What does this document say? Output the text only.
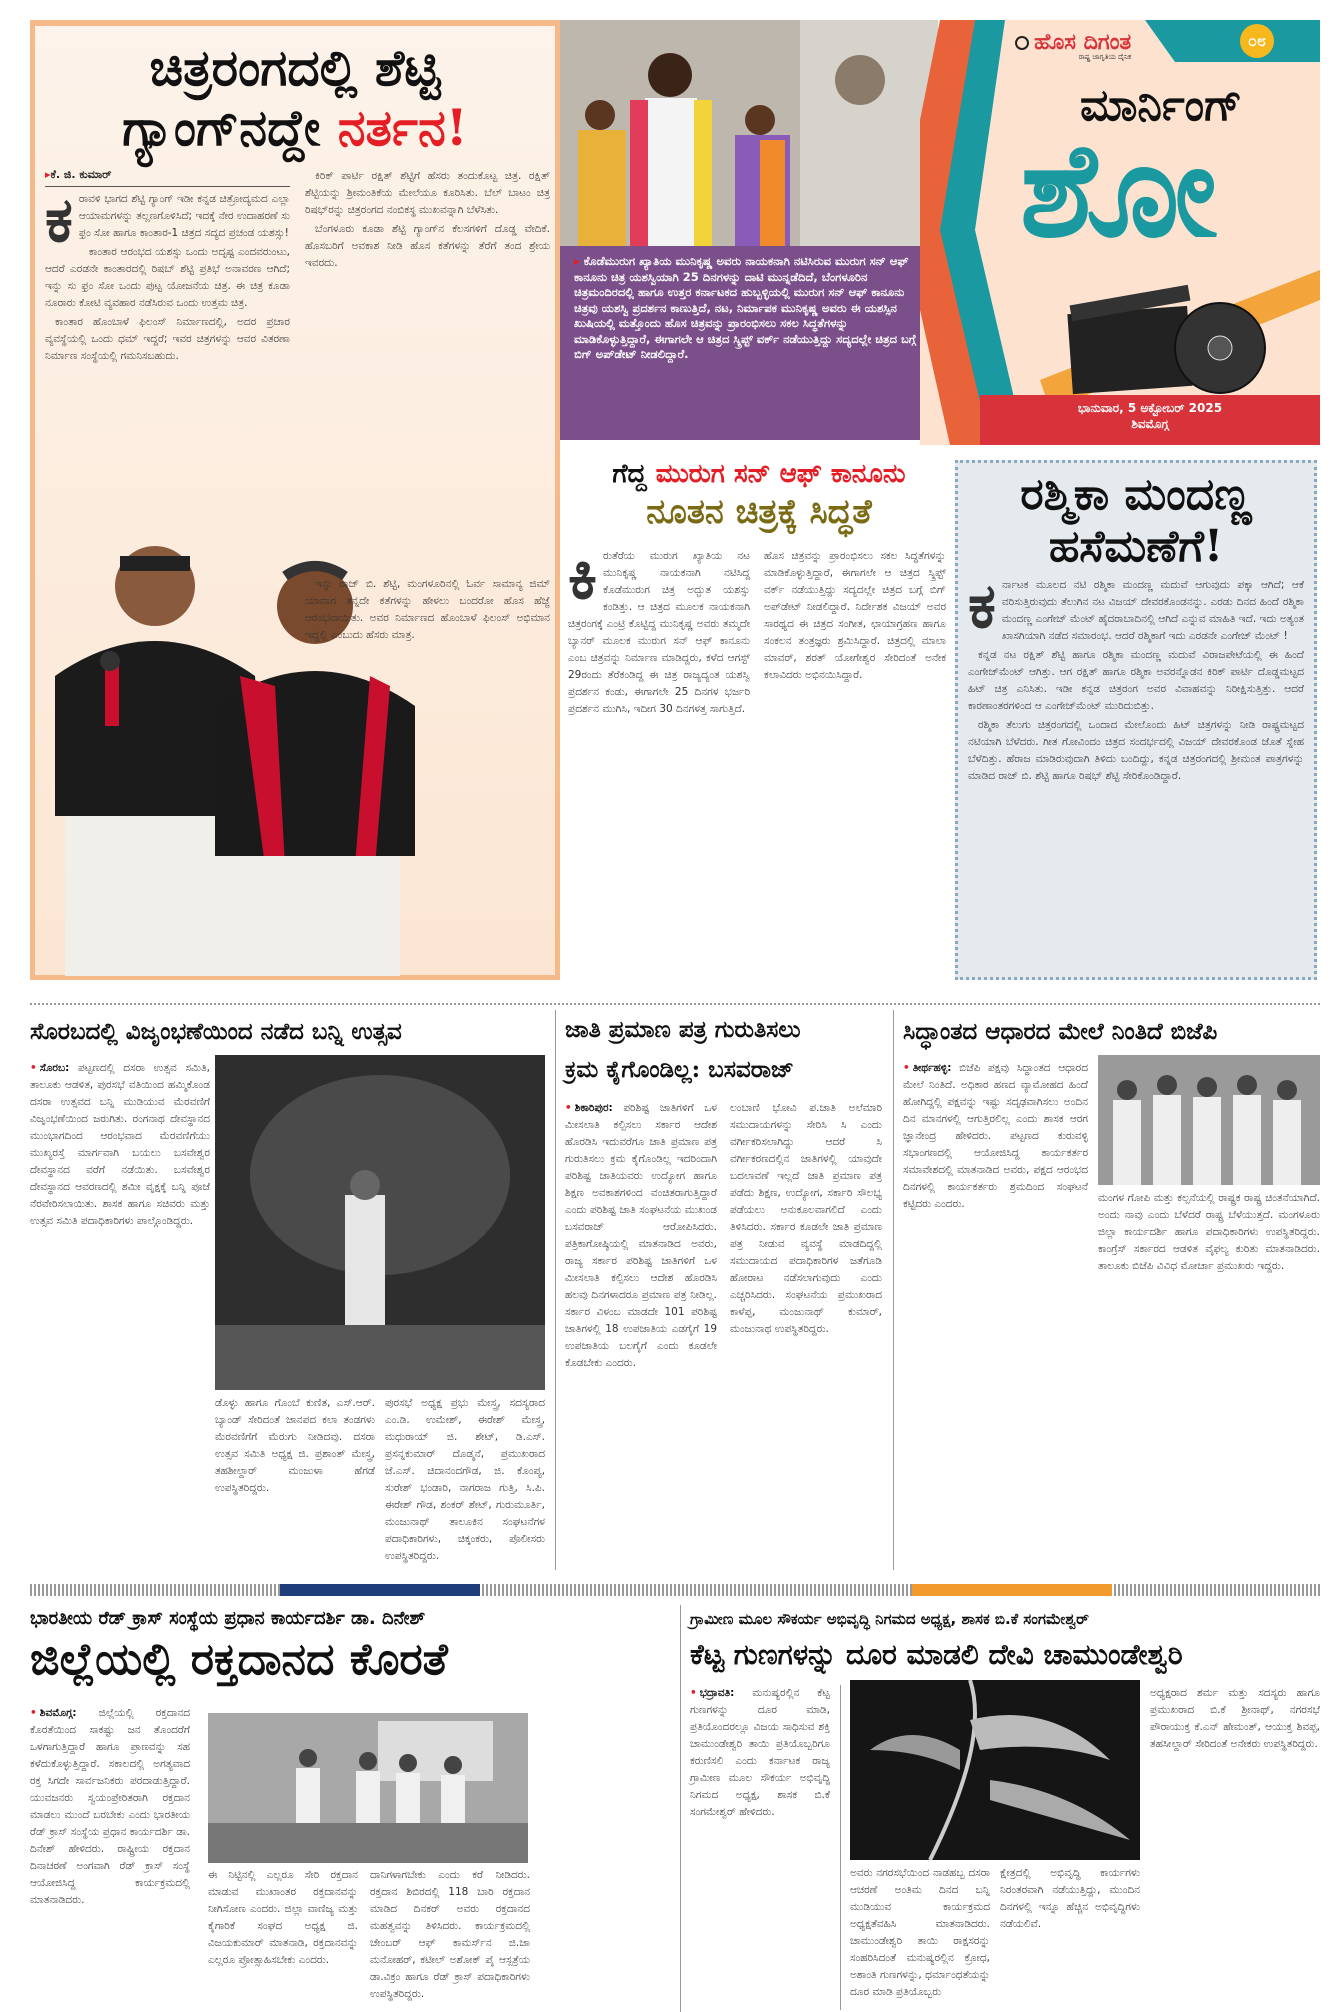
ಚಿತ್ರರಂಗದಲ್ಲಿ ಶೆಟ್ಟಿ
ಗ್ಯಾಂಗ್‌ನದ್ದೇ ನರ್ತನ!
▸ಕೆ. ಜಿ. ಕುಮಾರ್
ಕ ರಾವಳಿ ಭಾಗದ ಶೆಟ್ಟಿ ಗ್ಯಾಂಗ್ ಇಡೀ ಕನ್ನಡ ಚಿತ್ರೋದ್ಯಮದ ಎಲ್ಲಾ ಆಯಾಮಗಳನ್ನು ತಲ್ಲಣಗೊಳಿಸಿದೆ; ಇದಕ್ಕೆ ನೇರ ಉದಾಹರಣೆ ಸು ಫ್ರಂ ಸೋ ಹಾಗೂ ಕಾಂತಾರ-1 ಚಿತ್ರದ ಸದ್ಯದ ಪ್ರಚಂಡ ಯಶಸ್ಸು!

ಕಾಂತಾರ ಆರಂಭದ ಯಶಸ್ಸು ಒಂದು ಅದೃಷ್ಟ ಎಂದವರುಂಟು, ಆದರೆ ಎರಡನೇ ಕಾಂತಾರದಲ್ಲಿ ರಿಷಬ್ ಶೆಟ್ಟಿ ಪ್ರತಿಭೆ ಅನಾವರಣ ಆಗಿದೆ; ಇನ್ನು ಸು ಫ್ರಂ ಸೋ ಒಂದು ಪುಟ್ಟ ಯೋಜನೆಯ ಚಿತ್ರ. ಈ ಚಿತ್ರ ಕೂಡಾ ನೂರಾರು ಕೋಟಿ ವ್ಯವಹಾರ ನಡೆಸಿರುವ ಒಂದು ಉತ್ತಮ ಚಿತ್ರ.

ಕಾಂತಾರ ಹೊಂಬಾಳೆ ಫಿಲಂಸ್ ನಿರ್ಮಾಣದಲ್ಲಿ, ಅದರ ಪ್ರಚಾರ ವ್ಯವಸ್ಥೆಯಲ್ಲಿ ಒಂದು ಧಮ್ ಇದ್ದರೆ; ಇವರ ಚಿತ್ರಗಳನ್ನು ಆವರ ವಿತರಣಾ ನಿರ್ಮಾಣ ಸಂಸ್ಥೆಯಲ್ಲಿ ಗಮನಿಸಬಹುದು.

ಕಿರಿಕ್ ಪಾರ್ಟಿ ರಕ್ಷಿತ್ ಶೆಟ್ಟಿಗೆ ಹೆಸರು ತಂದುಕೊಟ್ಟ ಚಿತ್ರ. ರಕ್ಷಿತ್ ಶೆಟ್ಟಿಯನ್ನು ಶ್ರೀಮಂತಿಕೆಯ ಮೇಲೆಯೂ ಕೂರಿಸಿತು. ಬೆಲ್ ಬಾಟಂ ಚಿತ್ರ ರಿಷಭ್‌ರನ್ನು ಚಿತ್ರರಂಗದ ನಂಬಿಕಸ್ಥ ಮುಖವನ್ನಾಗಿ ಬೆಳೆಸಿತು.

ಬೆಂಗಳೂರು ಕೂಡಾ ಶೆಟ್ಟಿ ಗ್ಯಾಂಗ್‌ನ ಕೆಲಸಗಳಿಗೆ ದೊಡ್ಡ ವೇದಿಕೆ. ಹೊಸಬರಿಗೆ ಅವಕಾಶ ನೀಡಿ ಹೊಸ ಕತೆಗಳನ್ನು ತೆರೆಗೆ ತಂದ ಶ್ರೇಯ ಇವರದು.

ಇನ್ನು ರಾಜ್ ಬಿ. ಶೆಟ್ಟಿ, ಮಂಗಳೂರಿನಲ್ಲಿ ಓರ್ವ ಸಾಮಾನ್ಯ ಜಿಮ್ ಯಾವಾಗ ತನ್ನದೇ ಕತೆಗಳನ್ನು ಹೇಳಲು ಬಂದರೋ ಹೊಸ ಹೆಜ್ಜೆ ಆರಂಭವಾಯಿತು. ಅವರ ನಿರ್ಮಾಣದ ಹೊಂಬಾಳೆ ಫಿಲಂಸ್ ಅಭಿಮಾನ ಇದ್ದಲ್ಲಿ ಎಂಬುದು ಹೆಸರು ಮಾತ್ರ.

▸ ಕೊಡೆಮುರುಗ ಖ್ಯಾತಿಯ ಮುನಿಕೃಷ್ಣ ಅವರು ನಾಯಕನಾಗಿ ನಟಿಸಿರುವ ಮುರುಗ ಸನ್ ಆಫ್ ಕಾನೂನು ಚಿತ್ರ ಯಶಸ್ವಿಯಾಗಿ 25 ದಿನಗಳನ್ನು ದಾಟಿ ಮುನ್ನಡೆದಿದೆ, ಬೆಂಗಳೂರಿನ ಚಿತ್ರಮಂದಿರದಲ್ಲಿ ಹಾಗೂ ಉತ್ತರ ಕರ್ನಾಟಕದ ಹುಬ್ಬಳ್ಳಿಯಲ್ಲಿ ಮುರುಗ ಸನ್ ಆಫ್ ಕಾನೂನು ಚಿತ್ರವು ಯಶಸ್ವಿ ಪ್ರದರ್ಶನ ಕಾಣುತ್ತಿದೆ, ನಟ, ನಿರ್ಮಾಪಕ ಮುನಿಕೃಷ್ಣ ಅವರು ಈ ಯಶಸ್ಸಿನ ಖುಷಿಯಲ್ಲಿ ಮತ್ತೊಂದು ಹೊಸ ಚಿತ್ರವನ್ನು ಪ್ರಾರಂಭಿಸಲು ಸಕಲ ಸಿದ್ಧತೆಗಳನ್ನು ಮಾಡಿಕೊಳ್ಳುತ್ತಿದ್ದಾರೆ, ಈಗಾಗಲೇ ಆ ಚಿತ್ರದ ಸ್ಕ್ರಿಪ್ಟ್ ವರ್ಕ್ ನಡೆಯುತ್ತಿದ್ದು ಸದ್ಯದಲ್ಲೇ ಚಿತ್ರದ ಬಗ್ಗೆ ಬಿಗ್ ಅಪ್‌ಡೇಟ್ ನೀಡಲಿದ್ದಾರೆ.
ಹೊಸ ದಿಗಂತ
ರಾಷ್ಟ್ರ ಜಾಗೃತಿಯ ದೈನಿಕ
೦೮
ಮಾರ್ನಿಂಗ್
ಶೋ
ಭಾನುವಾರ, 5 ಅಕ್ಟೋಬರ್ 2025
ಶಿವಮೊಗ್ಗ
ಗೆದ್ದ ಮುರುಗ ಸನ್ ಆಫ್ ಕಾನೂನು
ನೂತನ ಚಿತ್ರಕ್ಕೆ ಸಿದ್ಧತೆ
ಕಿ ರುತೆರೆಯ ಮುರುಗ ಖ್ಯಾತಿಯ ನಟ ಮುನಿಕೃಷ್ಣ ನಾಯಕನಾಗಿ ನಟಿಸಿದ್ದ ಕೊಡೆಮುರುಗ ಚಿತ್ರ ಅದ್ಭುತ ಯಶಸ್ಸು ಕಂಡಿತ್ತು. ಆ ಚಿತ್ರದ ಮೂಲಕ ನಾಯಕನಾಗಿ ಚಿತ್ರರಂಗಕ್ಕೆ ಎಂಟ್ರಿ ಕೊಟ್ಟಿದ್ದ ಮುನಿಕೃಷ್ಣ ಅವರು ತಮ್ಮದೇ ಬ್ಯಾನರ್ ಮೂಲಕ ಮುರುಗ ಸನ್ ಆಫ್ ಕಾನೂನು ಎಂಬ ಚಿತ್ರವನ್ನು ನಿರ್ಮಾಣ ಮಾಡಿದ್ದರು, ಕಳೆದ ಆಗಸ್ಟ್ 29ರಂದು ತೆರೆಕಂಡಿದ್ದ ಈ ಚಿತ್ರ ರಾಜ್ಯದ್ಯಂತ ಯಶಸ್ವಿ ಪ್ರದರ್ಶನ ಕಂಡು, ಈಗಾಗಲೇ 25 ದಿನಗಳ ಭರ್ಜರಿ ಪ್ರದರ್ಶನ ಮುಗಿಸಿ, ಇದೀಗ 30 ದಿನಗಳತ್ತ ಸಾಗುತ್ತಿದೆ.
ಹೊಸ ಚಿತ್ರವನ್ನು ಪ್ರಾರಂಭಿಸಲು ಸಕಲ ಸಿದ್ಧತೆಗಳನ್ನು ಮಾಡಿಕೊಳ್ಳುತ್ತಿದ್ದಾರೆ, ಈಗಾಗಲೇ ಆ ಚಿತ್ರದ ಸ್ಕ್ರಿಪ್ಟ್ ವರ್ಕ್ ನಡೆಯುತ್ತಿದ್ದು ಸದ್ಯದಲ್ಲೇ ಚಿತ್ರದ ಬಗ್ಗೆ ಬಿಗ್ ಅಪ್‌ಡೇಟ್ ನೀಡಲಿದ್ದಾರೆ. ನಿರ್ದೇಶಕ ವಿಜಯ್ ಅವರ ಸಾರಥ್ಯದ ಈ ಚಿತ್ರದ ಸಂಗೀತ, ಛಾಯಾಗ್ರಹಣ ಹಾಗೂ ಸಂಕಲನ ತಂತ್ರಜ್ಞರು ಶ್ರಮಿಸಿದ್ದಾರೆ. ಚಿತ್ರದಲ್ಲಿ ಮಾಲಾ ಮಾವರ್, ಶರತ್ ಯೋಗೇಶ್ವರ ಸೇರಿದಂತೆ ಅನೇಕ ಕಲಾವಿದರು ಅಭಿನಯಿಸಿದ್ದಾರೆ.
ರಶ್ಮಿಕಾ ಮಂದಣ್ಣ
ಹಸೆಮಣೆಗೆ!
ಕ ರ್ನಾಟಕ ಮೂಲದ ನಟಿ ರಶ್ಮಿಕಾ ಮಂದಣ್ಣ ಮದುವೆ ಆಗುವುದು ಪಕ್ಕಾ ಆಗಿದೆ; ಆಕೆ ವರಿಸುತ್ತಿರುವುದು ತೆಲುಗಿನ ನಟ ವಿಜಯ್ ದೇವರಕೊಂಡನನ್ನು. ಎರಡು ದಿನದ ಹಿಂದೆ ರಶ್ಮಿಕಾ ಮಂದಣ್ಣ ಎಂಗೇಜ್ ಮೆಂಟ್ ಹೈದರಾಬಾದಿನಲ್ಲಿ ಆಗಿದೆ ಎನ್ನುವ ಮಾಹಿತಿ ಇದೆ. ಇದು ಅತ್ಯಂತ ಖಾಸಗಿಯಾಗಿ ನಡೆದ ಸಮಾರಂಭ. ಆದರೆ ರಶ್ಮಿಕಾಗೆ ಇದು ಎರಡನೇ ಎಂಗೇಜ್ ಮೆಂಟ್ !

ಕನ್ನಡ ನಟ ರಕ್ಷಿತ್ ಶೆಟ್ಟಿ ಹಾಗೂ ರಶ್ಮಿಕಾ ಮಂದಣ್ಣ ಮದುವೆ ವಿರಾಜಪೇಟೆಯಲ್ಲಿ ಈ ಹಿಂದೆ ಎಂಗೇಜ್‌ಮೆಂಟ್ ಆಗಿತ್ತು. ಆಗ ರಕ್ಷಿತ್ ಹಾಗೂ ರಶ್ಮಿಕಾ ಅವರನ್ನೊಡನ ಕಿರಿಕ್ ಪಾರ್ಟಿ ದೊಡ್ಡಮಟ್ಟದ ಹಿಟ್ ಚಿತ್ರ ಎನಿಸಿತು. ಇಡೀ ಕನ್ನಡ ಚಿತ್ರರಂಗ ಅವರ ವಿವಾಹವನ್ನು ನಿರೀಕ್ಷಿಸುತ್ತಿತ್ತು. ಆದರೆ ಕಾರಣಾಂತರಗಳಿಂದ ಆ ಎಂಗೇಜ್‌ಮೆಂಟ್ ಮುರಿದುಬಿತ್ತು.

ರಶ್ಮಿಕಾ ತೆಲುಗು ಚಿತ್ರರಂಗದಲ್ಲಿ ಒಂದಾದ ಮೇಲೊಂದು ಹಿಟ್ ಚಿತ್ರಗಳನ್ನು ನೀಡಿ ರಾಷ್ಟ್ರಮಟ್ಟದ ನಟಿಯಾಗಿ ಬೆಳೆದರು. ಗೀತ ಗೋವಿಂದಂ ಚಿತ್ರದ ಸಂದರ್ಭದಲ್ಲಿ ವಿಜಯ್ ದೇವರಕೊಂಡ ಜೊತೆ ಸ್ನೇಹ ಬೆಳೆದಿತ್ತು. ಹೆರಾಜ ಮಾಡಿರುವುದಾಗಿ ತಿಳಿದು ಬಂದಿದ್ದು, ಕನ್ನಡ ಚಿತ್ರರಂಗದಲ್ಲಿ ಶ್ರೀಮಂತ ಪಾತ್ರಗಳನ್ನು ಮಾಡಿದ ರಾಜ್ ಬಿ. ಶೆಟ್ಟಿ ಹಾಗೂ ರಿಷಭ್ ಶೆಟ್ಟಿ ಸೇರಿಕೊಂಡಿದ್ದಾರೆ.

ಸೊರಬದಲ್ಲಿ ವಿಜೃಂಭಣೆಯಿಂದ ನಡೆದ ಬನ್ನಿ ಉತ್ಸವ
• ಸೊರಬ: ಪಟ್ಟಣದಲ್ಲಿ ದಸರಾ ಉತ್ಸವ ಸಮಿತಿ, ತಾಲೂಕು ಆಡಳಿತ, ಪುರಸಭೆ ವತಿಯಿಂದ ಹಮ್ಮಿಕೊಂಡ ದಸರಾ ಉತ್ಸವದ ಬನ್ನಿ ಮುಡಿಯುವ ಮೆರವಣಿಗೆ ವಿಜೃಂಭಣೆಯಿಂದ ಜರುಗಿತು. ರಂಗನಾಥ ದೇವಸ್ಥಾನದ ಮುಂಭಾಗದಿಂದ ಆರಂಭವಾದ ಮೆರವಣಿಗೆಯು ಮುಖ್ಯರಸ್ತೆ ಮಾರ್ಗವಾಗಿ ಬಯಲು ಬಸವೇಶ್ವರ ದೇವಸ್ಥಾನದ ವರೆಗೆ ನಡೆಯಿತು. ಬಸವೇಶ್ವರ ದೇವಸ್ಥಾನದ ಆವರಣದಲ್ಲಿ ಶಮೀ ವೃಕ್ಷಕ್ಕೆ ಬನ್ನಿ ಪೂಜೆ ನೆರವೇರಿಸಲಾಯಿತು. ಶಾಸಕ ಹಾಗೂ ಸಚಿವರು ಮತ್ತು ಉತ್ಸವ ಸಮಿತಿ ಪದಾಧಿಕಾರಿಗಳು ಪಾಲ್ಗೊಂಡಿದ್ದರು.
ಡೊಳ್ಳು ಹಾಗೂ ಗೊಂಬೆ ಕುಣಿತ, ಎಸ್.ಆರ್. ಬ್ಯಾಂಡ್ ಸೇರಿದಂತೆ ಜಾನಪದ ಕಲಾ ತಂಡಗಳು ಮೆರವಣಿಗೆಗೆ ಮೆರುಗು ನೀಡಿದವು. ದಸರಾ ಉತ್ಸವ ಸಮಿತಿ ಅಧ್ಯಕ್ಷ ಜಿ. ಪ್ರಶಾಂತ್ ಮೇಸ್ತ್ರ, ತಹಶೀಲ್ದಾರ್ ಮಂಜುಳಾ ಹೆಗಡೆ ಉಪಸ್ಥಿತರಿದ್ದರು.
ಪುರಸಭೆ ಅಧ್ಯಕ್ಷ ಪ್ರಭು ಮೇಸ್ತ್ರ, ಸದಸ್ಯರಾದ ಎಂ.ಡಿ. ಉಮೇಶ್, ಈರೇಶ್ ಮೇಸ್ತ್ರ, ಮಧುರಾಯ್ ಜಿ. ಶೇಟ್, ಡಿ.ಎಸ್. ಪ್ರಸನ್ನಕುಮಾರ್ ದೊಡ್ಮನೆ, ಪ್ರಮುಖರಾದ ಜೆ.ಎಸ್. ಚಿದಾನಂದಗೌಡ, ಜಿ. ಕೊಂಪ್ಯ, ಸುರೇಶ್ ಭಂಡಾರಿ, ನಾಗರಾಜ ಗುತ್ತಿ, ಸಿ.ಪಿ. ಈರೇಶ್ ಗೌಡ, ಶಂಕರ್ ಶೇಟ್, ಗುರುಮೂರ್ತಿ, ಮಂಜುನಾಥ್ ತಾಲೂಕಿನ ಸಂಘಟನೆಗಳ ಪದಾಧಿಕಾರಿಗಳು, ಚಿಕ್ಕಂಕರು, ಪೊಲೀಸರು ಉಪಸ್ಥಿತರಿದ್ದರು.
ಜಾತಿ ಪ್ರಮಾಣ ಪತ್ರ ಗುರುತಿಸಲು
ಕ್ರಮ ಕೈಗೊಂಡಿಲ್ಲ: ಬಸವರಾಜ್
• ಶಿಕಾರಿಪುರ: ಪರಿಶಿಷ್ಟ ಜಾತಿಗಳಿಗೆ ಒಳ ಮೀಸಲಾತಿ ಕಲ್ಪಿಸಲು ಸರ್ಕಾರ ಆದೇಶ ಹೊರಡಿಸಿ ಇದುವರೆಗೂ ಜಾತಿ ಪ್ರಮಾಣ ಪತ್ರ ಗುರುತಿಸಲು ಕ್ರಮ ಕೈಗೊಂಡಿಲ್ಲ ಇದರಿಂದಾಗಿ ಪರಿಶಿಷ್ಟ ಜಾತಿಯವರು ಉದ್ಯೋಗ ಹಾಗೂ ಶಿಕ್ಷಣ ಅವಕಾಶಗಳಿಂದ ವಂಚಿತರಾಗುತ್ತಿದ್ದಾರೆ ಎಂದು ಪರಿಶಿಷ್ಟ ಜಾತಿ ಸಂಘಟನೆಯ ಮುಖಂಡ ಬಸವರಾಜ್ ಆರೋಪಿಸಿದರು. ಪತ್ರಿಕಾಗೋಷ್ಠಿಯಲ್ಲಿ ಮಾತನಾಡಿದ ಅವರು, ರಾಜ್ಯ ಸರ್ಕಾರ ಪರಿಶಿಷ್ಟ ಜಾತಿಗಳಿಗೆ ಒಳ ಮೀಸಲಾತಿ ಕಲ್ಪಿಸಲು ಆದೇಶ ಹೊರಡಿಸಿ ಹಲವು ದಿನಗಳಾದರೂ ಪ್ರಮಾಣ ಪತ್ರ ನೀಡಿಲ್ಲ. ಸರ್ಕಾರ ವಿಳಂಬ ಮಾಡದೇ 101 ಪರಿಶಿಷ್ಟ ಜಾತಿಗಳಲ್ಲಿ 18 ಉಪಜಾತಿಯ ಎಡಗೈಗೆ 19 ಉಪಜಾತಿಯ ಬಲಗೈಗೆ ಎಂದು ಕೂಡಲೇ ಕೊಡಬೇಕು ಎಂದರು.
ಲಂಬಾಣಿ ಭೋವಿ ಪ.ಜಾತಿ ಅಲೆಮಾರಿ ಸಮುದಾಯಗಳನ್ನು ಸೇರಿಸಿ ಸಿ ಎಂದು ವರ್ಗೀಕರಿಸಲಾಗಿದ್ದು ಆದರೆ ಸಿ ವರ್ಗೀಕರಣದಲ್ಲಿನ ಜಾತಿಗಳಲ್ಲಿ ಯಾವುದೇ ಬದಲಾವಣೆ ಇಲ್ಲದೆ ಜಾತಿ ಪ್ರಮಾಣ ಪತ್ರ ಪಡೆದು ಶಿಕ್ಷಣ, ಉದ್ಯೋಗ, ಸರ್ಕಾರಿ ಸೌಲಭ್ಯ ಪಡೆಯಲು ಅನುಕೂಲವಾಗಲಿದೆ ಎಂದು ತಿಳಿಸಿದರು. ಸರ್ಕಾರ ಕೂಡಲೇ ಜಾತಿ ಪ್ರಮಾಣ ಪತ್ರ ನೀಡುವ ವ್ಯವಸ್ಥೆ ಮಾಡದಿದ್ದಲ್ಲಿ ಸಮುದಾಯದ ಪದಾಧಿಕಾರಿಗಳ ಜತೆಗೂಡಿ ಹೋರಾಟ ನಡೆಸಲಾಗುವುದು ಎಂದು ಎಚ್ಚರಿಸಿದರು. ಸಂಘಟನೆಯ ಪ್ರಮುಖರಾದ ಕಾಳೆಪ್ಪ, ಮಂಜುನಾಥ್ ಕುಮಾರ್, ಮಂಜುನಾಥ ಉಪಸ್ಥಿತರಿದ್ದರು.
ಸಿದ್ಧಾಂತದ ಆಧಾರದ ಮೇಲೆ ನಿಂತಿದೆ ಬಿಜೆಪಿ
• ತೀರ್ಥಹಳ್ಳಿ: ಬಿಜೆಪಿ ಪಕ್ಷವು ಸಿದ್ಧಾಂತದ ಆಧಾರದ ಮೇಲೆ ನಿಂತಿದೆ. ಅಧಿಕಾರ ಹಣದ ವ್ಯಾಮೋಹದ ಹಿಂದೆ ಹೋಗಿದ್ದಲ್ಲಿ ಪಕ್ಷವನ್ನು ಇಷ್ಟು ಸದೃಢವಾಗಿಸಲು ಅಂದಿನ ದಿನ ಮಾನಗಳಲ್ಲಿ ಆಗುತ್ತಿರಲಿಲ್ಲ ಎಂದು ಶಾಸಕ ಆರಗ ಜ್ಞಾನೇಂದ್ರ ಹೇಳಿದರು. ಪಟ್ಟಣದ ಕುರುವಳ್ಳಿ ಸಭಾಂಗಣದಲ್ಲಿ ಆಯೋಜಿಸಿದ್ದ ಕಾರ್ಯಕರ್ತರ ಸಮಾವೇಶದಲ್ಲಿ ಮಾತನಾಡಿದ ಅವರು, ಪಕ್ಷದ ಆರಂಭದ ದಿನಗಳಲ್ಲಿ ಕಾರ್ಯಕರ್ತರು ಶ್ರಮದಿಂದ ಸಂಘಟನೆ ಕಟ್ಟಿದರು ಎಂದರು.	ಮಂಗಳ ಗೋಪಿ ಮತ್ತು ಕಲ್ಪನೆಯಲ್ಲಿ ರಾಷ್ಟ್ರಕ ರಾಷ್ಟ್ರ ಚಿಂತನೆಯಾಗಿದೆ. ಅಂದು ನಾವು ಎಂದು ಬೆಳೆದರೆ ರಾಷ್ಟ್ರ ಬೆಳೆಯುತ್ತದೆ. ಮಂಗಳೂರು ಜಿಲ್ಲಾ ಕಾರ್ಯದರ್ಶಿ ಹಾಗೂ ಪದಾಧಿಕಾರಿಗಳು ಉಪಸ್ಥಿತರಿದ್ದರು. ಕಾಂಗ್ರೆಸ್ ಸರ್ಕಾರದ ಆಡಳಿತ ವೈಫಲ್ಯ ಕುರಿತು ಮಾತನಾಡಿದರು. ತಾಲೂಕು ಬಿಜೆಪಿ ವಿವಿಧ ಮೋರ್ಚಾ ಪ್ರಮುಖರು ಇದ್ದರು.
ಭಾರತೀಯ ರೆಡ್ ಕ್ರಾಸ್ ಸಂಸ್ಥೆಯ ಪ್ರಧಾನ ಕಾರ್ಯದರ್ಶಿ ಡಾ. ದಿನೇಶ್
ಜಿಲ್ಲೆಯಲ್ಲಿ ರಕ್ತದಾನದ ಕೊರತೆ
• ಶಿವಮೊಗ್ಗ: ಜಿಲ್ಲೆಯಲ್ಲಿ ರಕ್ತದಾನದ ಕೊರತೆಯಿಂದ ಸಾಕಷ್ಟು ಜನ ತೊಂದರೆಗೆ ಒಳಗಾಗುತ್ತಿದ್ದಾರೆ ಹಾಗೂ ಪ್ರಾಣವನ್ನು ಸಹ ಕಳೆದುಕೊಳ್ಳುತ್ತಿದ್ದಾರೆ. ಸಕಾಲದಲ್ಲಿ ಅಗತ್ಯವಾದ ರಕ್ತ ಸಿಗದೇ ಸಾರ್ವಜನಿಕರು ಪರದಾಡುತ್ತಿದ್ದಾರೆ. ಯುವಜನರು ಸ್ವಯಂಪ್ರೇರಿತರಾಗಿ ರಕ್ತದಾನ ಮಾಡಲು ಮುಂದೆ ಬರಬೇಕು ಎಂದು ಭಾರತೀಯ ರೆಡ್ ಕ್ರಾಸ್ ಸಂಸ್ಥೆಯ ಪ್ರಧಾನ ಕಾರ್ಯದರ್ಶಿ ಡಾ. ದಿನೇಶ್ ಹೇಳಿದರು. ರಾಷ್ಟ್ರೀಯ ರಕ್ತದಾನ ದಿನಾಚರಣೆ ಅಂಗವಾಗಿ ರೆಡ್ ಕ್ರಾಸ್ ಸಂಸ್ಥೆ ಆಯೋಜಿಸಿದ್ದ ಕಾರ್ಯಕ್ರಮದಲ್ಲಿ ಮಾತನಾಡಿದರು.
ಈ ನಿಟ್ಟಿನಲ್ಲಿ ಎಲ್ಲರೂ ಸೇರಿ ರಕ್ತದಾನ ಮಾಡುವ ಮುಖಾಂತರ ರಕ್ತದಾನವನ್ನು ನೀಗಿಸೋಣ ಎಂದರು. ಜಿಲ್ಲಾ ವಾಣಿಜ್ಯ ಮತ್ತು ಕೈಗಾರಿಕೆ ಸಂಘದ ಅಧ್ಯಕ್ಷ ಜಿ. ವಿಜಯಕುಮಾರ್ ಮಾತನಾಡಿ, ರಕ್ತದಾನವನ್ನು ಎಲ್ಲರೂ ಪ್ರೋತ್ಸಾಹಿಸಬೇಕು ಎಂದರು.
ದಾನಿಗಳಾಗಬೇಕು ಎಂದು ಕರೆ ನೀಡಿದರು. ರಕ್ತದಾನ ಶಿಬಿರದಲ್ಲಿ 118 ಬಾರಿ ರಕ್ತದಾನ ಮಾಡಿದ ದಿನಕರ್ ಅವರು ರಕ್ತದಾನದ ಮಹತ್ವವನ್ನು ತಿಳಿಸಿದರು. ಕಾರ್ಯಕ್ರಮದಲ್ಲಿ ಚೇಂಬರ್ ಆಫ್ ಕಾಮರ್ಸ್‌ನ ಜಿ.ಜಾ ಮನೋಹರ್, ಕಟೀಲ್ ಅಶೋಕ್ ಪೈ ಆಸ್ಪತ್ರೆಯ ಡಾ.ವಿಕ್ರಂ ಹಾಗೂ ರೆಡ್ ಕ್ರಾಸ್ ಪದಾಧಿಕಾರಿಗಳು ಉಪಸ್ಥಿತರಿದ್ದರು.
ಗ್ರಾಮೀಣ ಮೂಲ ಸೌಕರ್ಯ ಅಭಿವೃದ್ಧಿ ನಿಗಮದ ಅಧ್ಯಕ್ಷ, ಶಾಸಕ ಬಿ.ಕೆ ಸಂಗಮೇಶ್ವರ್
ಕೆಟ್ಟ ಗುಣಗಳನ್ನು ದೂರ ಮಾಡಲಿ ದೇವಿ ಚಾಮುಂಡೇಶ್ವರಿ
• ಭದ್ರಾವತಿ: ಮನುಷ್ಯರಲ್ಲಿನ ಕೆಟ್ಟ ಗುಣಗಳನ್ನು ದೂರ ಮಾಡಿ, ಪ್ರತಿಯೊಂದರಲ್ಲೂ ವಿಜಯ ಸಾಧಿಸುವ ಶಕ್ತಿ ಚಾಮುಂಡೇಶ್ವರಿ ತಾಯಿ ಪ್ರತಿಯೊಬ್ಬರಿಗೂ ಕರುಣಿಸಲಿ ಎಂದು ಕರ್ನಾಟಕ ರಾಜ್ಯ ಗ್ರಾಮೀಣ ಮೂಲ ಸೌಕರ್ಯ ಅಭಿವೃದ್ಧಿ ನಿಗಮದ ಅಧ್ಯಕ್ಷ, ಶಾಸಕ ಬಿ.ಕೆ ಸಂಗಮೇಶ್ವರ್ ಹೇಳಿದರು.
ಅವರು ನಗರಸಭೆಯಿಂದ ನಾಡಹಬ್ಬ ದಸರಾ ಆಚರಣೆ ಅಂತಿಮ ದಿನದ ಬನ್ನಿ ಮುಡಿಯುವ ಕಾರ್ಯಕ್ರಮದ ಅಧ್ಯಕ್ಷತೆವಹಿಸಿ ಮಾತನಾಡಿದರು. ಚಾಮುಂಡೇಶ್ವರಿ ತಾಯಿ ರಾಕ್ಷಸರನ್ನು ಸಂಹರಿಸಿದಂತೆ ಮನುಷ್ಯರಲ್ಲಿನ ಕ್ರೋಧ, ಅಶಾಂತಿ ಗುಣಗಳನ್ನು, ಧರ್ಮಾಂಧತೆಯನ್ನು ದೂರ ಮಾಡಿ ಪ್ರತಿಯೊಬ್ಬರು
ಕ್ಷೇತ್ರದಲ್ಲಿ ಅಭಿವೃದ್ಧಿ ಕಾರ್ಯಗಳು ನಿರಂತರವಾಗಿ ನಡೆಯುತ್ತಿದ್ದು, ಮುಂದಿನ ದಿನಗಳಲ್ಲಿ ಇನ್ನೂ ಹೆಚ್ಚಿನ ಅಭಿವೃದ್ಧಿಗಳು ನಡೆಯಲಿವೆ.
ಅಧ್ಯಕ್ಷರಾದ ಶರ್ಮ ಮತ್ತು ಸದಸ್ಯರು ಹಾಗೂ ಪ್ರಮುಖರಾದ ಬಿ.ಕೆ ಶ್ರೀನಾಥ್, ನಗರಸಭೆ ಪೌರಾಯುಕ್ತ ಕೆ.ಎನ್ ಹೇಮಂತ್, ಆಯುಕ್ತ ಶಿವಪ್ಪ, ತಹಸೀಲ್ದಾರ್ ಸೇರಿದಂತೆ ಅನೇಕರು ಉಪಸ್ಥಿತರಿದ್ದರು.
